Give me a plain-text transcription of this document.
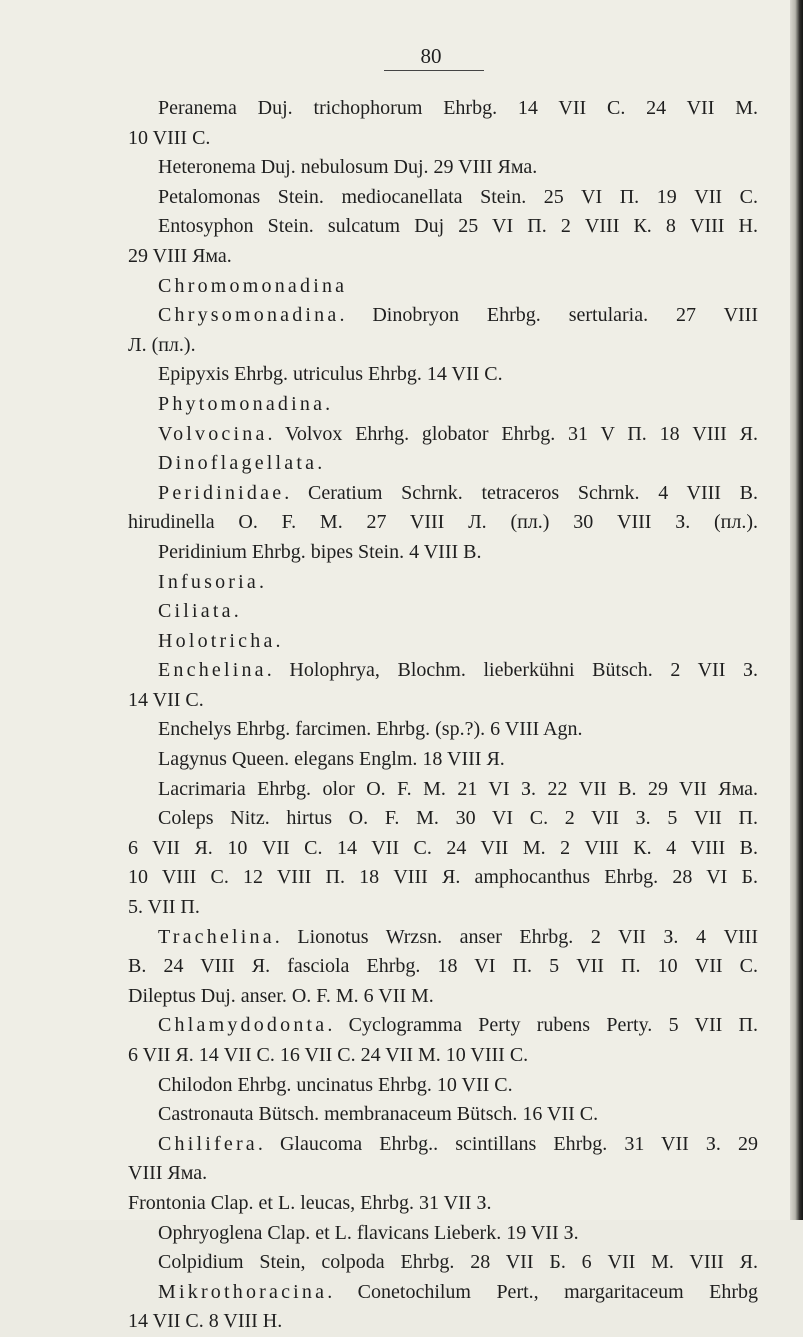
80
Peranema Duj. trichophorum Ehrbg. 14 VII C. 24 VII M.
10 VIII C.
Heteronema Duj. nebulosum Duj. 29 VIII Яма.
Petalomonas Stein. mediocanellata Stein. 25 VI П. 19 VII C.
Entosyphon Stein. sulcatum Duj 25 VI П. 2 VIII К. 8 VIII Н.
29 VIII Яма.
Chromomonadina
Chrysomonadina. Dinobryon Ehrbg. sertularia. 27 VIII
Л. (пл.).
Epipyxis Ehrbg. utriculus Ehrbg. 14 VII C.
Phytomonadina.
Volvocina. Volvox Ehrhg. globator Ehrbg. 31 V П. 18 VIII Я.
Dinoflagellata.
Peridinidae. Ceratium Schrnk. tetraceros Schrnk. 4 VIII B.
hirudinella O. F. M. 27 VIII Л. (пл.) 30 VIII З. (пл.).
Peridinium Ehrbg. bipes Stein. 4 VIII B.
Infusoria.
Ciliata.
Holotricha.
Enchelina. Holophrya, Blochm. lieberkühni Bütsch. 2 VII З.
14 VII C.
Enchelys Ehrbg. farcimen. Ehrbg. (sp.?). 6 VIII Agn.
Lagynus Queen. elegans Englm. 18 VIII Я.
Lacrimaria Ehrbg. olor O. F. M. 21 VI З. 22 VII B. 29 VII Яма.
Coleps Nitz. hirtus O. F. M. 30 VI C. 2 VII З. 5 VII П.
6 VII Я. 10 VII C. 14 VII C. 24 VII M. 2 VIII К. 4 VIII B.
10 VIII C. 12 VIII П. 18 VIII Я. amphocanthus Ehrbg. 28 VI Б.
5. VII П.
Trachelina. Lionotus Wrzsn. anser Ehrbg. 2 VII З. 4 VIII
B. 24 VIII Я. fasciola Ehrbg. 18 VI П. 5 VII П. 10 VII C.
Dileptus Duj. anser. O. F. M. 6 VII M.
Chlamydodonta. Cyclogramma Perty rubens Perty. 5 VII П.
6 VII Я. 14 VII C. 16 VII C. 24 VII M. 10 VIII C.
Chilodon Ehrbg. uncinatus Ehrbg. 10 VII C.
Castronauta Bütsch. membranaceum Bütsch. 16 VII C.
Chilifera. Glaucoma Ehrbg.. scintillans Ehrbg. 31 VII З. 29
VIII Яма.
Frontonia Clap. et L. leucas, Ehrbg. 31 VII З.
Ophryoglena Clap. et L. flavicans Lieberk. 19 VII З.
Colpidium Stein, colpoda Ehrbg. 28 VII Б. 6 VII M. VIII Я.
Mikrothoracina. Conetochilum Pert., margaritaceum Ehrbg
14 VII C. 8 VIII H.
